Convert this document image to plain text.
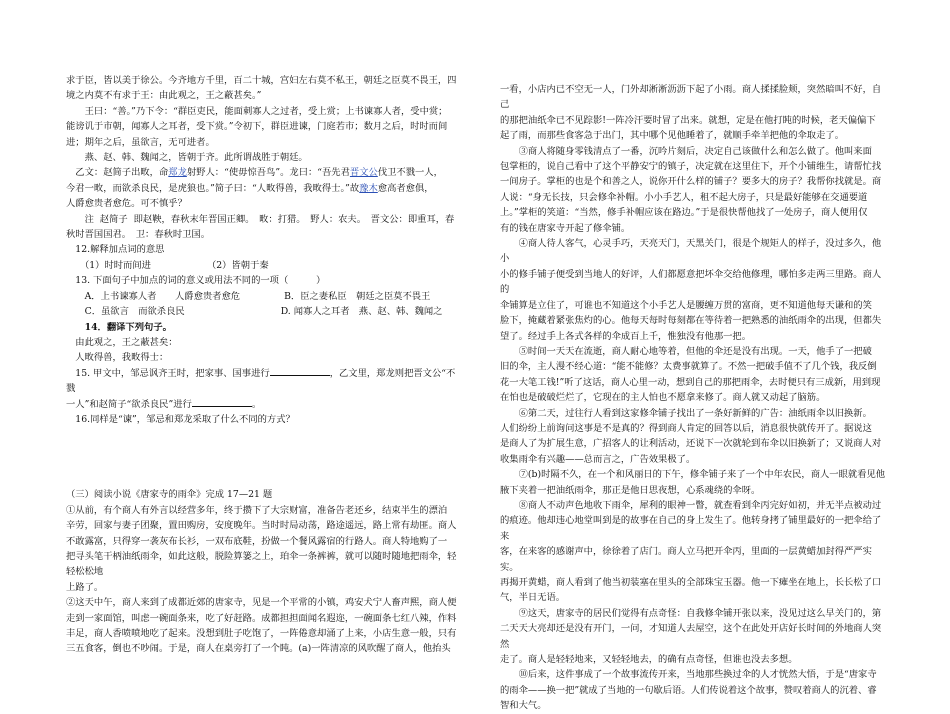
求于臣，皆以美于徐公。今齐地方千里，百二十城，宫妇左右莫不私王，朝廷之臣莫不畏王，四

境之内莫不有求于王：由此观之，王之蔽甚矣。”

　　王曰：“善。”乃下令：“群臣吏民，能面刺寡人之过者，受上赏；上书谏寡人者，受中赏；

能谤讥于市朝，闻寡人之耳者，受下赏。”令初下，群臣进谏，门庭若市；数月之后，时时而间

进；期年之后，虽欲言，无可进者。

　　燕、赵、韩、魏闻之，皆朝于齐。此所谓战胜于朝廷。

　乙文：赵简子出畋，命郑龙射野人：“使毋惊吾鸟”。龙曰：“吾先君晋文公伐卫不戮一人，

今君一畋，而欲杀良民，是虎狼也。”简子曰：“人畋得兽，我畋得士。”故豫木愈高者愈俱，

人爵愈贵者愈危。可不慎乎？

　　注  赵简子  即赵鞅，春秋末年晋国正卿。　畋：打猎。　野人：农夫。　晋文公：即重耳，春

秋时晋国国君。　卫：春秋时卫国。

　12.解释加点词的意思

　　（1）时时而间进	（2）皆朝于秦

　13. 下面句子中加点的词的意义或用法不同的一项（　　　）

　　A．上书谏寡人者　　人爵愈贵者愈危	B．臣之妻私臣　朝廷之臣莫不畏王

　　C．虽欲言　而欲杀良民	D. 闻寡人之耳者　燕、赵、韩、魏闻之

　　14．翻译下列句子。

　由此观之，王之蔽甚矣：

　人畋得兽，我畋得士：

　15. 甲文中，邹忌讽齐王时，把家事、国事进行	，乙文里，郑龙则把晋文公“不戮

一人”和赵简子“欲杀良民”进行	。

　16.同样是“谏”，邹忌和郑龙采取了什么不同的方式？

（三）阅读小说《唐家寺的雨伞》完成 17—21 题

①从前，有个商人有外言以经营多年，终于攒下了大宗财富，准备告老还乡，结束半生的漂泊

辛劳，回家与妻子团聚，置田购房，安度晚年。当时时局动荡，路途遥远，路上常有劫匪。商人

不敢露富，只得穿一袭灰布长衫，一双布底鞋，扮做一个餐风露宿的行路人。商人特地购了一

把寻头笔干柄油纸雨伞，如此这般，脱险算篓之上，珀伞一条裤裤，就可以随时随地把雨伞，轻轻松松地

上路了。

②这天中午，商人来到了成都近郊的唐家寺，见是一个平常的小镇，鸡安犬宁人畜声熙，商人便

走到一家面馆，叫虑一碗面条来，吃了好赶路。成都担担面闻名遐迩，一碗面条七红八辣，作料

丰足，商人香喷喷地吃了起来。没想到肚子吃饱了，一阵倦意却涌了上来，小店生意一般，只有

三五食客，倒也不吵闹。于是，商人在桌旁打了一个盹。(a)一阵清凉的风吹醒了商人，他抬头

一看，小店内已不空无一人，门外却淅淅沥沥下起了小雨。商人揉揉脸颊，突然暗叫不好，自己

的那把油纸伞已不见踪影!一阵冷汗要时冒了出来。就想，定是在他打盹的时候，老天偏偏下

起了雨，而那些食客急于出门，其中哪个见他睡着了，就顺手牵羊把他的伞取走了。

　　③商人将随身零钱清点了一番，沉吟片刻后，决定自己该做什么和怎么做了。他叫来面

包掌柜的，说自己看中了这个平静安宁的镇子，决定就在这里住下，开个小铺维生，请帮忙找

一间房子。掌柜的也是个和善之人，说你开什么样的铺子？要多大的房子？我帮你找就是。商

人说：“身无长技，只会修伞补帽。小小手艺人，租不起大房子，只是最好能够在交通要道

上。”掌柜的笑道：“当然，修手补帽应该在路边。”于是很快帮他找了一处房子，商人便用仅

有的钱在唐家寺开起了修伞铺。

　　④商人待人客气，心灵手巧，天亮天门，天黑关门，很是个规矩人的样子，没过多久，他小

小的修手铺子便受到当地人的好评，人们都愿意把坏伞交给他修理，哪怕多走两三里路。商人的

伞铺算是立住了，可谁也不知道这个小手艺人是腰缠万贯的富商，更不知道他每天谦和的笑

脸下，掩藏着紧张焦灼的心。他每天每时每刻都在等待着一把熟悉的油纸雨伞的出现，但都失

望了。经过手上各式各样的伞成百上千，惟独没有他那一把。

　　⑤时间一天天在流逝，商人耐心地等着，但他的伞还是没有出现。一天，他手了一把破

旧的伞，主人漫不经心道：“能不能修？太费事就算了。不然一把破手值不了几个钱，我反倒

花一大笔工钱!”听了这话，商人心里一动，想到自己的那把雨伞，去时便只有三成新，用到现

在怕也是破破烂烂了，它现在的主人怕也不愿拿来修了。商人就又动起了脑筋。

　　⑥第二天，过往行人看到这家修伞铺子找出了一条好新鲜的广告：油纸雨伞以旧换新。

人们纷纷上前询问这事是不是真的？得到商人肯定的回答以后，消息很快就传开了。据说这

是商人了为扩展生意，广招客人的让利活动，还说下一次就轮到布伞以旧换新了；又说商人对

收集雨伞有兴趣——总而言之，广告效果极了。

　　⑦(b)时隔不久，在一个和风丽日的下午，修伞铺子来了一个中年农民，商人一眼就看见他

腋下夹着一把油纸雨伞，那正是他日思夜想，心系魂绕的伞呀。

　　⑧商人不动声色地收下雨伞，犀利的眼神一瞥，就查看到伞丙完好如初，并无半点被动过

的痕迹。他却违心地堂叫到是的故事在自己的身上发生了。他转身拷了铺里最好的一把伞给了来

客，在来客的感谢声中，徐徐着了店门。商人立马把开伞丙，里面的一层黄蜡加封得严严实实。

再揭开黄蜡，商人看到了他当初装塞在里头的全部珠宝玉器。他一下瘫坐在地上，长长松了口

气，半日无语。

　　⑨这天，唐家寺的居民们觉得有点奇怪：自我修伞铺开张以来，没见过这么早关门的，第

二天天大亮却还是没有开门，一问，才知道人去屋空，这个在此处开店好长时间的外地商人突然

走了。商人是轻轻地来，又轻轻地去，的确有点奇怪，但谁也没去多想。

　　⑩后来，这件事成了一个故事流传开来，当地那些换过伞的人才恍然大悟，于是“唐家寺

的雨伞——换一把”就成了当地的一句歇后语。人们传说着这个故事，赞叹着商人的沉着、睿

智和大气。
